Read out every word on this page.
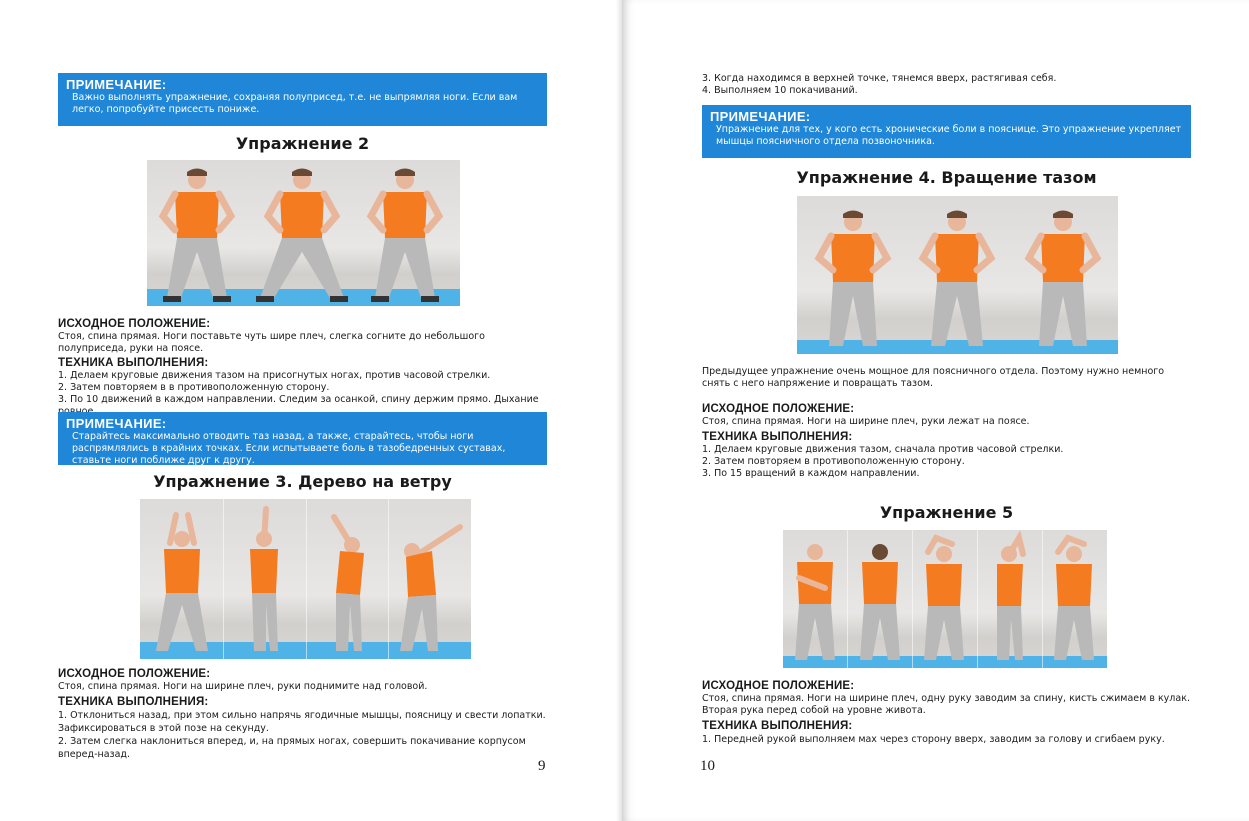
ПРИМЕЧАНИЕ:
Важно выполнять упражнение, сохраняя полуприсед, т.е. не выпрямляя ноги. Если вам легко, попробуйте присесть пониже.
Упражнение 2
ИСХОДНОЕ ПОЛОЖЕНИЕ:
Стоя, спина прямая. Ноги поставьте чуть шире плеч, слегка согните до небольшого полуприседа, руки на поясе.
ТЕХНИКА ВЫПОЛНЕНИЯ:
1. Делаем круговые движения тазом на присогнутых ногах, против часовой стрелки.
2. Затем повторяем в в противоположенную сторону.
3. По 10 движений в каждом направлении. Следим за осанкой, спину держим прямо. Дыхание
ПРИМЕЧАНИЕ:
Старайтесь максимально отводить таз назад, а также, старайтесь, чтобы ноги распрямлялись в крайних точках. Если испытываете боль в тазобедренных суставах, ставьте ноги поближе друг к другу.
Упражнение 3. Дерево на ветру
ИСХОДНОЕ ПОЛОЖЕНИЕ:
Стоя, спина прямая. Ноги на ширине плеч, руки поднимите над головой.
ТЕХНИКА ВЫПОЛНЕНИЯ:
1. Отклониться назад, при этом сильно напрячь ягодичные мышцы, поясницу и свести лопатки.
Зафиксироваться в этой позе на секунду.
2. Затем слегка наклониться вперед, и, на прямых ногах, совершить покачивание корпусом вперед-назад.
9
3. Когда находимся в верхней точке, тянемся вверх, растягивая себя.
4. Выполняем 10 покачиваний.
ПРИМЕЧАНИЕ:
Упражнение для тех, у кого есть хронические боли в пояснице. Это упражнение укрепляет мышцы поясничного отдела позвоночника.
Упражнение 4. Вращение тазом
Предыдущее упражнение очень мощное для поясничного отдела. Поэтому нужно немного снять с него напряжение и повращать тазом.
ИСХОДНОЕ ПОЛОЖЕНИЕ:
Стоя, спина прямая. Ноги на ширине плеч, руки лежат на поясе.
ТЕХНИКА ВЫПОЛНЕНИЯ:
1. Делаем круговые движения тазом, сначала против часовой стрелки.
2. Затем повторяем в противоположенную сторону.
3. По 15 вращений в каждом направлении.
Упражнение 5
ИСХОДНОЕ ПОЛОЖЕНИЕ:
Стоя, спина прямая. Ноги на ширине плеч, одну руку заводим за спину, кисть сжимаем в кулак. Вторая рука перед собой на уровне живота.
ТЕХНИКА ВЫПОЛНЕНИЯ:
1. Передней рукой выполняем мах через сторону вверх, заводим за голову и сгибаем руку.
10
